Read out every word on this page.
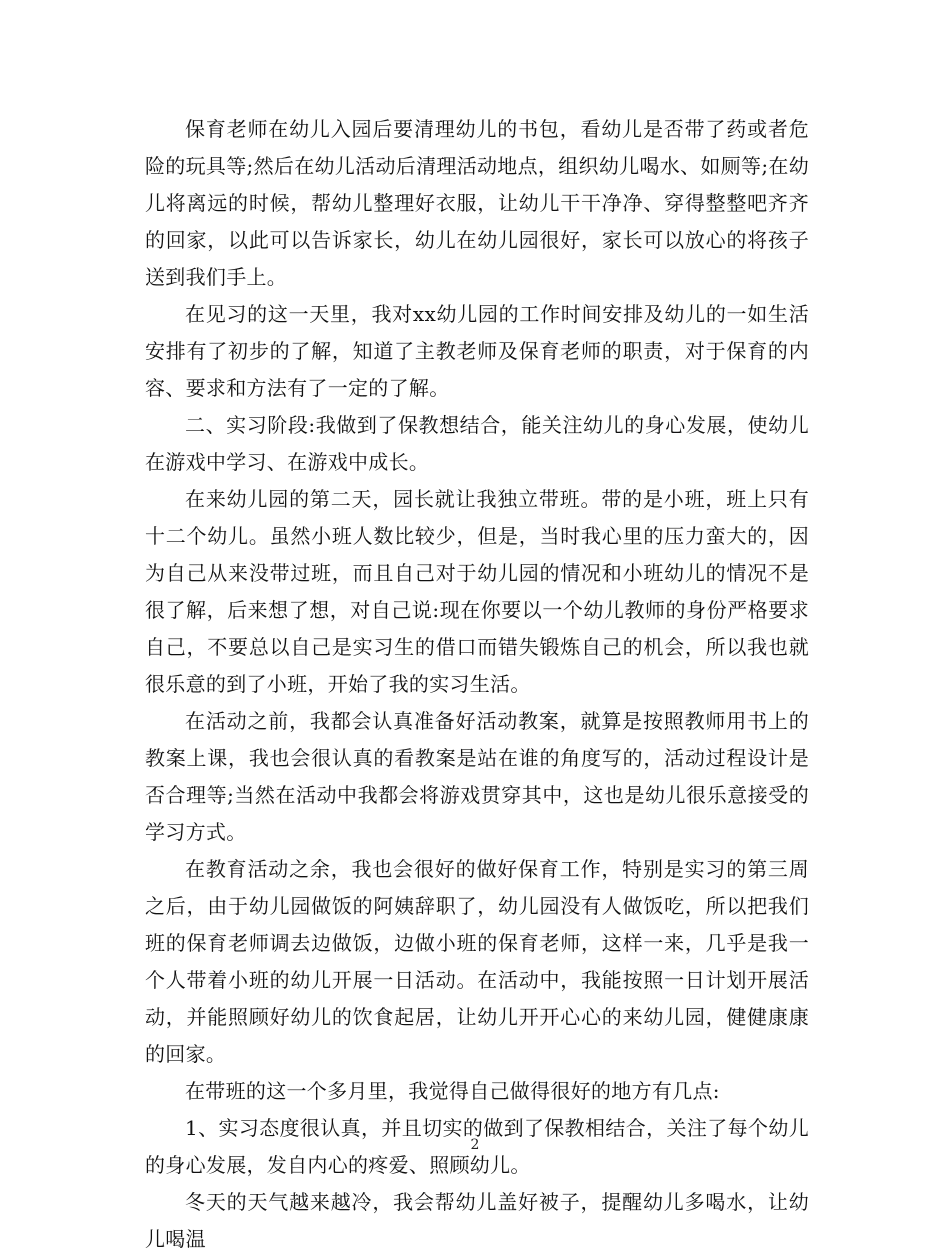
保育老师在幼儿入园后要清理幼儿的书包，看幼儿是否带了药或者危险的玩具等;然后在幼儿活动后清理活动地点，组织幼儿喝水、如厕等;在幼儿将离远的时候，帮幼儿整理好衣服，让幼儿干干净净、穿得整整吧齐齐的回家，以此可以告诉家长，幼儿在幼儿园很好，家长可以放心的将孩子送到我们手上。

在见习的这一天里，我对xx幼儿园的工作时间安排及幼儿的一如生活安排有了初步的了解，知道了主教老师及保育老师的职责，对于保育的内容、要求和方法有了一定的了解。

二、实习阶段:我做到了保教想结合，能关注幼儿的身心发展，使幼儿在游戏中学习、在游戏中成长。

在来幼儿园的第二天，园长就让我独立带班。带的是小班，班上只有十二个幼儿。虽然小班人数比较少，但是，当时我心里的压力蛮大的，因为自己从来没带过班，而且自己对于幼儿园的情况和小班幼儿的情况不是很了解，后来想了想，对自己说:现在你要以一个幼儿教师的身份严格要求自己，不要总以自己是实习生的借口而错失锻炼自己的机会，所以我也就很乐意的到了小班，开始了我的实习生活。

在活动之前，我都会认真准备好活动教案，就算是按照教师用书上的教案上课，我也会很认真的看教案是站在谁的角度写的，活动过程设计是否合理等;当然在活动中我都会将游戏贯穿其中，这也是幼儿很乐意接受的学习方式。

在教育活动之余，我也会很好的做好保育工作，特别是实习的第三周之后，由于幼儿园做饭的阿姨辞职了，幼儿园没有人做饭吃，所以把我们班的保育老师调去边做饭，边做小班的保育老师，这样一来，几乎是我一个人带着小班的幼儿开展一日活动。在活动中，我能按照一日计划开展活动，并能照顾好幼儿的饮食起居，让幼儿开开心心的来幼儿园，健健康康的回家。

在带班的这一个多月里，我觉得自己做得很好的地方有几点:

1、实习态度很认真，并且切实的做到了保教相结合，关注了每个幼儿的身心发展，发自内心的疼爱、照顾幼儿。

冬天的天气越来越冷，我会帮幼儿盖好被子，提醒幼儿多喝水，让幼儿喝温

2
